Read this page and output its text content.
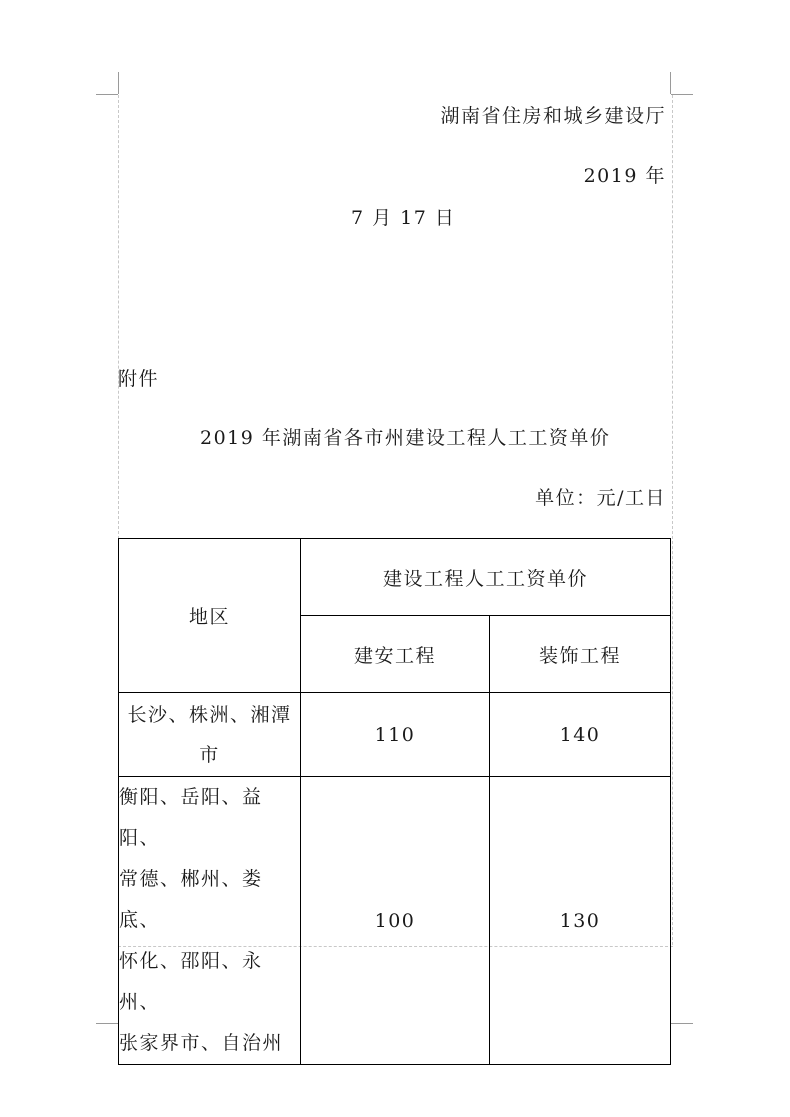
湖南省住房和城乡建设厅
2019 年
7 月 17 日
附件
2019 年湖南省各市州建设工程人工工资单价
单位：元/工日
地区	建设工程人工工资单价	
	建安工程	装饰工程

长沙、株洲、湘潭
市	110	140

衡阳、岳阳、益阳、
常德、郴州、娄底、
怀化、邵阳、永州、
张家界市、自治州	100	130
